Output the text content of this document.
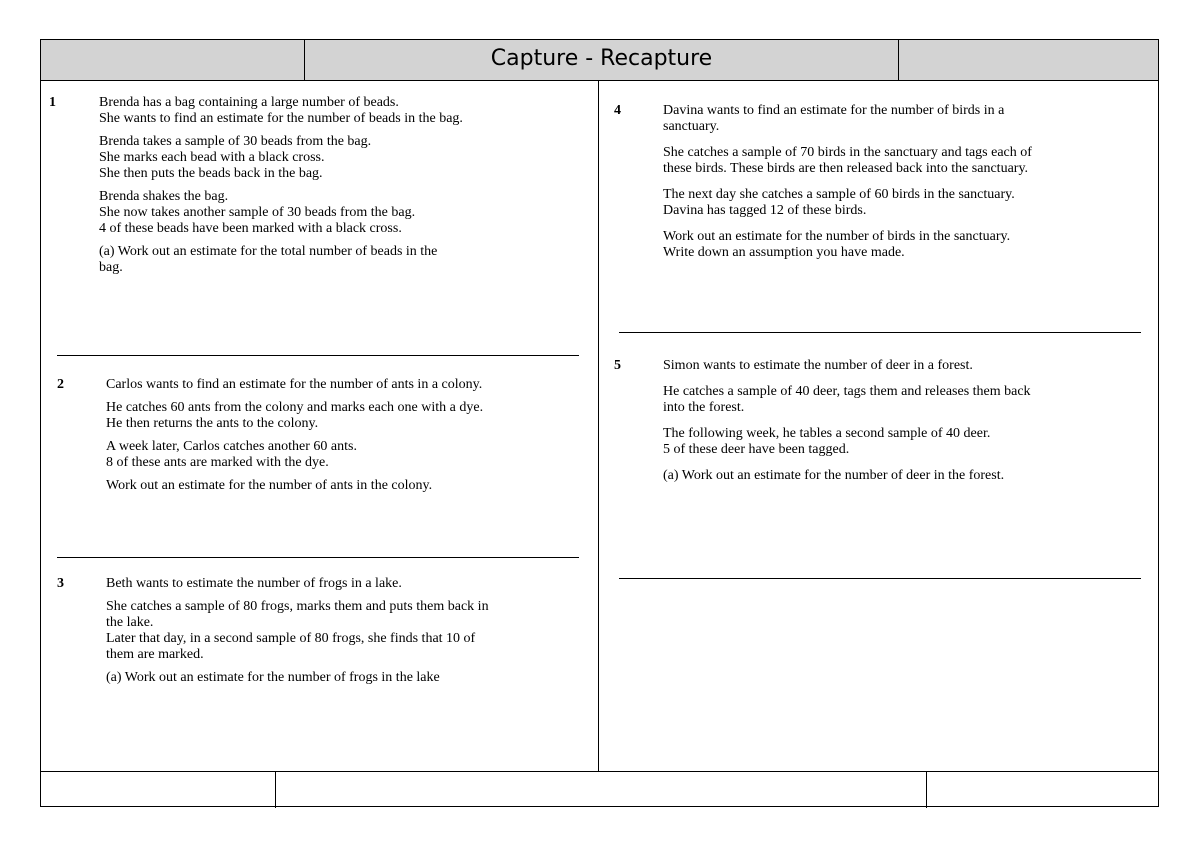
Capture - Recapture
1	Brenda has a bag containing a large number of beads.
She wants to find an estimate for the number of beads in the bag.

Brenda takes a sample of 30 beads from the bag.
She marks each bead with a black cross.
She then puts the beads back in the bag.

Brenda shakes the bag.
She now takes another sample of 30 beads from the bag.
4 of these beads have been marked with a black cross.

(a) Work out an estimate for the total number of beads in the
bag.

2	Carlos wants to find an estimate for the number of ants in a colony.

He catches 60 ants from the colony and marks each one with a dye.
He then returns the ants to the colony.

A week later, Carlos catches another 60 ants.
8 of these ants are marked with the dye.

Work out an estimate for the number of ants in the colony.

3	Beth wants to estimate the number of frogs in a lake.

She catches a sample of 80 frogs, marks them and puts them back in
the lake.
Later that day, in a second sample of 80 frogs, she finds that 10 of
them are marked.

(a) Work out an estimate for the number of frogs in the lake

4	Davina wants to find an estimate for the number of birds in a
sanctuary.

She catches a sample of 70 birds in the sanctuary and tags each of
these birds. These birds are then released back into the sanctuary.

The next day she catches a sample of 60 birds in the sanctuary.
Davina has tagged 12 of these birds.

Work out an estimate for the number of birds in the sanctuary.
Write down an assumption you have made.

5	Simon wants to estimate the number of deer in a forest.

He catches a sample of 40 deer, tags them and releases them back
into the forest.

The following week, he tables a second sample of 40 deer.
5 of these deer have been tagged.

(a) Work out an estimate for the number of deer in the forest.
